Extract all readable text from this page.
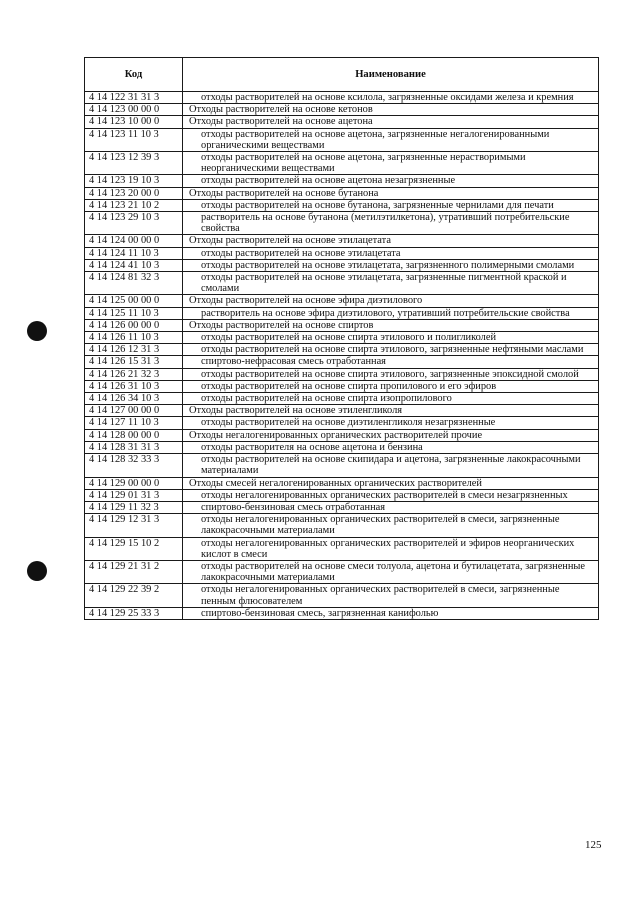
Код	Наименование
4 14 122 31 31 3	отходы растворителей на основе ксилола, загрязненные оксидами железа и кремния
4 14 123 00 00 0	Отходы растворителей на основе кетонов
4 14 123 10 00 0	Отходы растворителей на основе ацетона
4 14 123 11 10 3	отходы растворителей на основе ацетона, загрязненные негалогенированными органическими веществами
4 14 123 12 39 3	отходы растворителей на основе ацетона, загрязненные нерастворимыми неорганическими веществами
4 14 123 19 10 3	отходы растворителей на основе ацетона незагрязненные
4 14 123 20 00 0	Отходы растворителей на основе бутанона
4 14 123 21 10 2	отходы растворителей на основе бутанона, загрязненные чернилами для печати
4 14 123 29 10 3	растворитель на основе бутанона (метилэтилкетона), утративший потребительские свойства
4 14 124 00 00 0	Отходы растворителей на основе этилацетата
4 14 124 11 10 3	отходы растворителей на основе этилацетата
4 14 124 41 10 3	отходы растворителей на основе этилацетата, загрязненного полимерными смолами
4 14 124 81 32 3	отходы растворителей на основе этилацетата, загрязненные пигментной краской и смолами
4 14 125 00 00 0	Отходы растворителей на основе эфира диэтилового
4 14 125 11 10 3	растворитель на основе эфира диэтилового, утративший потребительские свойства
4 14 126 00 00 0	Отходы растворителей на основе спиртов
4 14 126 11 10 3	отходы растворителей на основе спирта этилового и полигликолей
4 14 126 12 31 3	отходы растворителей на основе спирта этилового, загрязненные нефтяными маслами
4 14 126 15 31 3	спиртово-нефрасовая смесь отработанная
4 14 126 21 32 3	отходы растворителей на основе спирта этилового, загрязненные эпоксидной смолой
4 14 126 31 10 3	отходы растворителей на основе спирта пропилового и его эфиров
4 14 126 34 10 3	отходы растворителей на основе спирта изопропилового
4 14 127 00 00 0	Отходы растворителей на основе этиленгликоля
4 14 127 11 10 3	отходы растворителей на основе диэтиленгликоля незагрязненные
4 14 128 00 00 0	Отходы негалогенированных органических растворителей прочие
4 14 128 31 31 3	отходы растворителя на основе ацетона и бензина
4 14 128 32 33 3	отходы растворителей на основе скипидара и ацетона, загрязненные лакокрасочными материалами
4 14 129 00 00 0	Отходы смесей негалогенированных органических растворителей
4 14 129 01 31 3	отходы негалогенированных органических растворителей в смеси незагрязненных
4 14 129 11 32 3	спиртово-бензиновая смесь отработанная
4 14 129 12 31 3	отходы негалогенированных органических растворителей в смеси, загрязненные лакокрасочными материалами
4 14 129 15 10 2	отходы негалогенированных органических растворителей и эфиров неорганических кислот в смеси
4 14 129 21 31 2	отходы растворителей на основе смеси толуола, ацетона и бутилацетата, загрязненные лакокрасочными материалами
4 14 129 22 39 2	отходы негалогенированных органических растворителей в смеси, загрязненные пенным флюсователем
4 14 129 25 33 3	спиртово-бензиновая смесь, загрязненная канифолью
125
